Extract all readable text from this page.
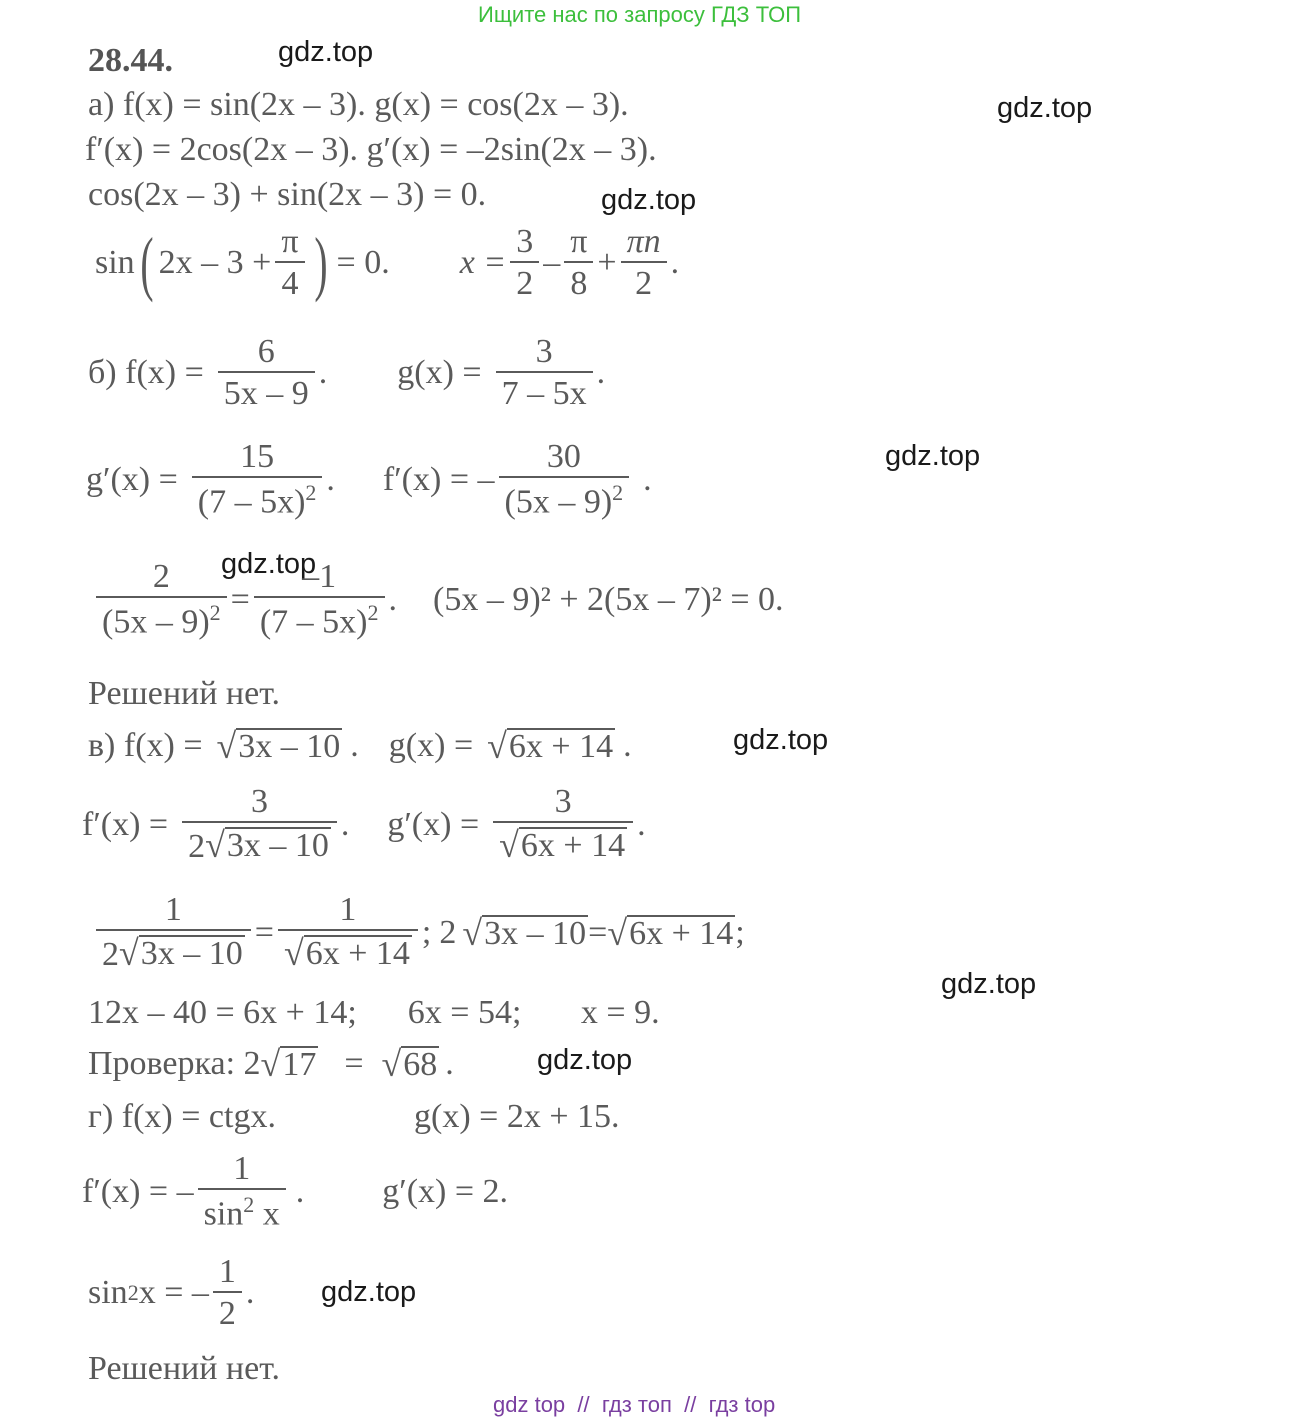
Ищите нас по запросу ГДЗ ТОП
28.44.	gdz.top
gdz.top
gdz.top
gdz.top
gdz.top
gdz.top
gdz.top
gdz.top
gdz.top
а) f(x) = sin(2x – 3). g(x) = cos(2x – 3).
f′(x) = 2cos(2x – 3). g′(x) = –2sin(2x – 3).
cos(2x – 3) + sin(2x – 3) = 0.
sin ( $2x - 3 + \frac{\pi}{4}$ ) = 0. $x = \frac{3}{2} - \frac{\pi}{8} + \frac{\pi n}{2}$ .
б) $f(x) = \frac{6}{5x - 9}$ . $g(x) = \frac{3}{7 - 5x}$ .
$g'(x) = \frac{15}{(7 - 5x)^2}$ . f′(x) = – $\frac{30}{(5x - 9)^2}$ .
$\frac{2}{(5x - 9)^2} = \frac{-1}{(7 - 5x)^2}$ . (5x – 9)² + 2(5x – 7)² = 0.
Решений нет.
в) f(x) = √ 3x – 10 . g(x) = √ 6x + 14 .
$f'(x) = \frac{3}{2 √ 3x - 10}$ . $g'(x) = \frac{3}{√ 6x + 14}$ .
$\frac{1}{2 √ 3x - 10} = \frac{1}{√ 6x + 14}$ ; 2 √ 3x – 10 = √ 6x + 14 ;
12x – 40 = 6x + 14;      6x = 54;       x = 9.
Проверка: 2 √ 17 = √ 68 .
г) f(x) = ctgx.	g(x) = 2x + 15.
f′(x) = – $\frac{1}{\sin^2 x}$ . g′(x) = 2.
sin 2 x = – $\frac{1}{2}$ .
Решений нет.
gdz top  //  гдз топ  //  гдз top
